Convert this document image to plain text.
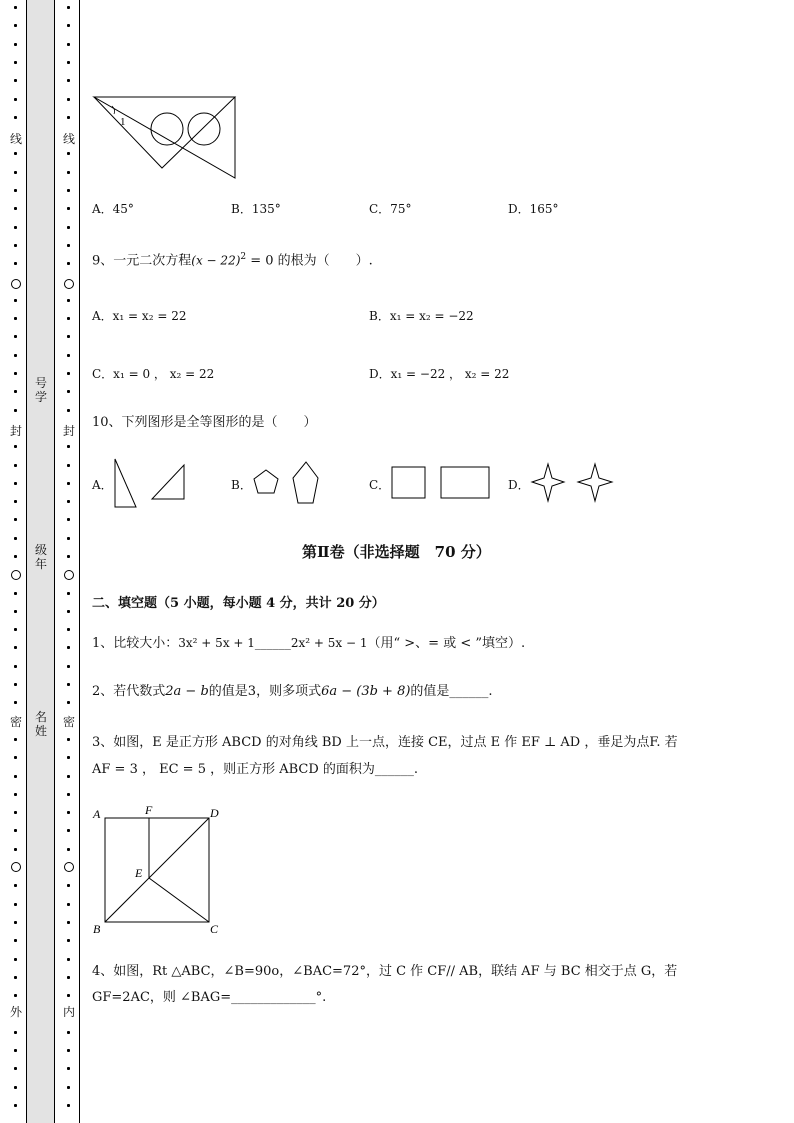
线
封
密
外
线
封
密
内
号学
级年
名姓
1
A．45°	B．135°	C．75°	D．165°
9、一元二次方程$(x - 22)^2 = 0$ 的根为（　　）.
A．x₁ = x₂ = 22	B．x₁ = x₂ = −22
C．x₁ = 0 ， x₂ = 22	D．x₁ = −22 ， x₂ = 22
10、下列图形是全等图形的是（　　）
A．	B．	C．	D．
第Ⅱ卷（非选择题　70 分）
二、填空题（5 小题，每小题 4 分，共计 20 分）
1、比较大小：3x² + 5x + 1______2x² + 5x − 1（用“ >、= 或 < ”填空）.
2、若代数式2a − b的值是3，则多项式6a − (3b + 8)的值是______.
3、如图，E 是正方形 ABCD 的对角线 BD 上一点，连接 CE，过点 E 作 EF ⊥ AD ，垂足为点F. 若
AF = 3 ， EC = 5 ，则正方形 ABCD 的面积为______.
A	F	D
E
B	C
4、如图，Rt △ABC，∠B=90o，∠BAC=72°，过 C 作 CF// AB，联结 AF 与 BC 相交于点 G，若
GF=2AC，则 ∠BAG=_____________°.
